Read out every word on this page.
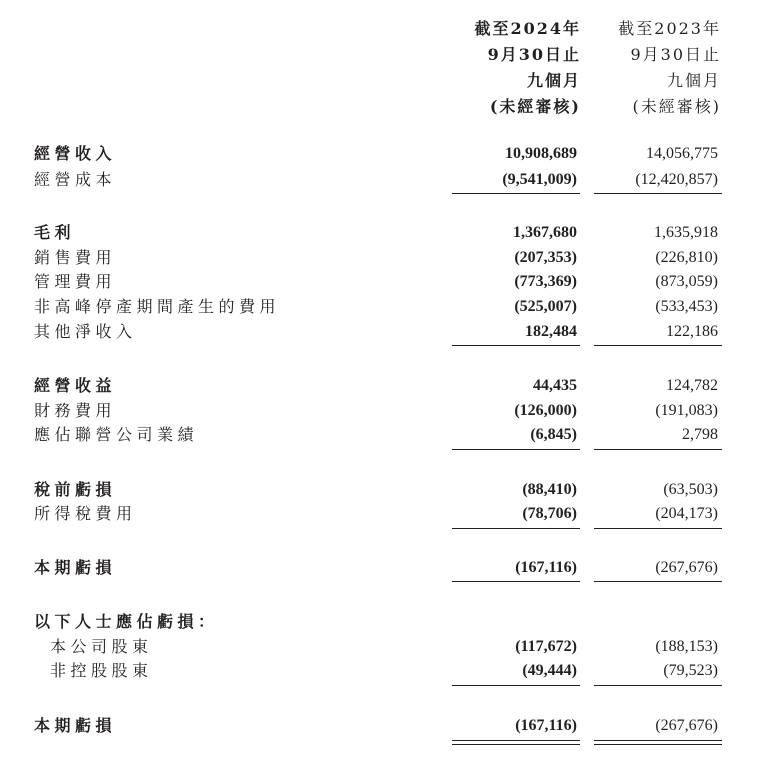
截至2024年
9月30日止
九個月
(未經審核)
截至2023年
9月30日止
九個月
(未經審核)
經營收入	10,908,689	14,056,775
經營成本	(9,541,009)	(12,420,857)
毛利	1,367,680	1,635,918
銷售費用	(207,353)	(226,810)
管理費用	(773,369)	(873,059)
非高峰停產期間產生的費用	(525,007)	(533,453)
其他淨收入	182,484	122,186
經營收益	44,435	124,782
財務費用	(126,000)	(191,083)
應佔聯營公司業績	(6,845)	2,798
稅前虧損	(88,410)	(63,503)
所得稅費用	(78,706)	(204,173)
本期虧損	(167,116)	(267,676)
以下人士應佔虧損：
本公司股東	(117,672)	(188,153)
非控股股東	(49,444)	(79,523)
本期虧損	(167,116)	(267,676)
